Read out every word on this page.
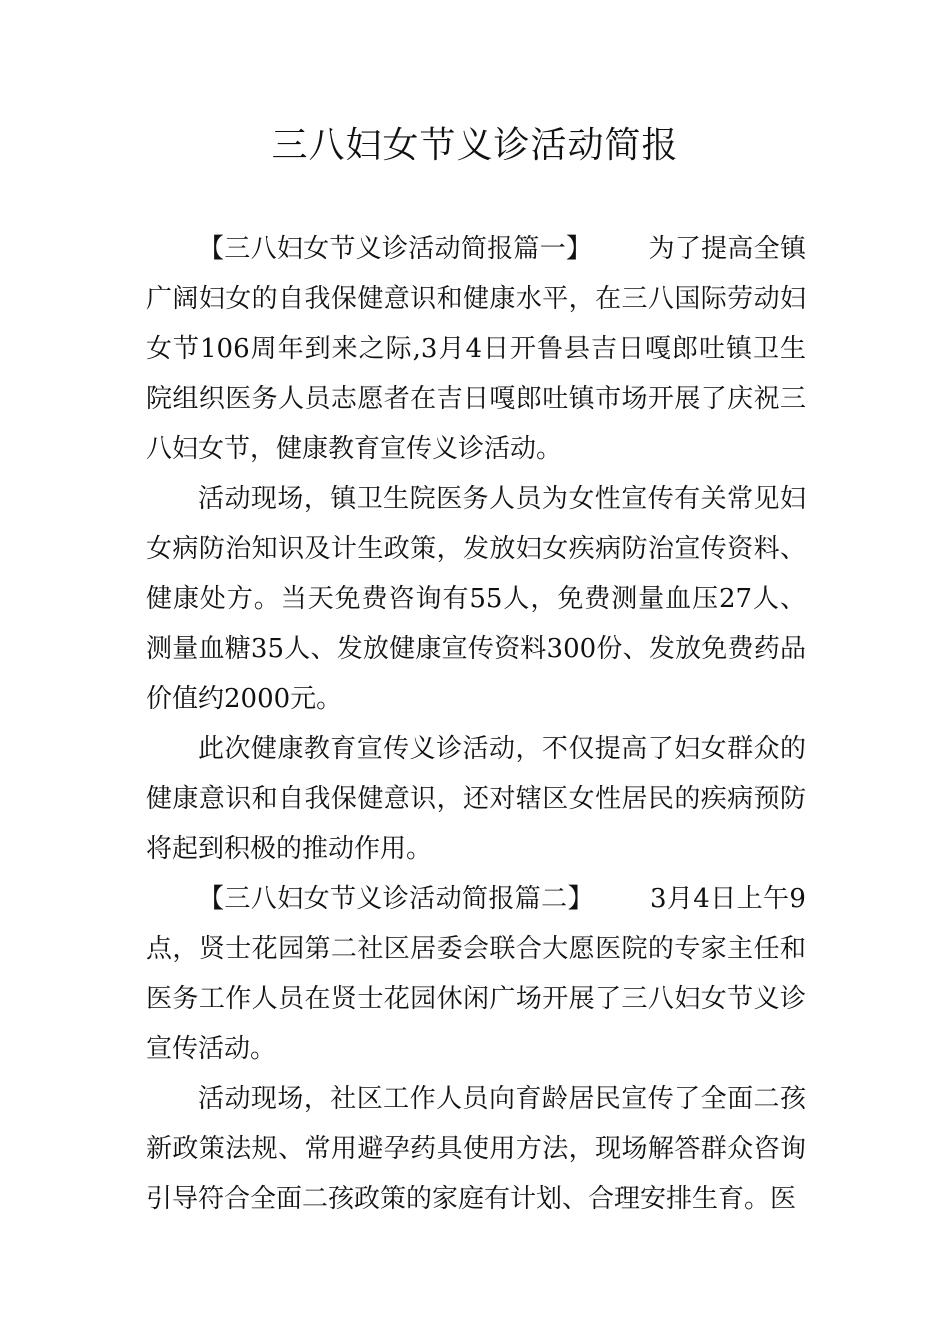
三八妇女节义诊活动简报

【三八妇女节义诊活动简报篇一】 为了提高全镇广阔妇女的自我保健意识和健康水平，在三八国际劳动妇女节106周年到来之际,3月4日开鲁县吉日嘎郎吐镇卫生院组织医务人员志愿者在吉日嘎郎吐镇市场开展了庆祝三八妇女节，健康教育宣传义诊活动。

活动现场，镇卫生院医务人员为女性宣传有关常见妇女病防治知识及计生政策，发放妇女疾病防治宣传资料、健康处方。当天免费咨询有55人，免费测量血压27人、测量血糖35人、发放健康宣传资料300份、发放免费药品价值约2000元。

此次健康教育宣传义诊活动，不仅提高了妇女群众的健康意识和自我保健意识，还对辖区女性居民的疾病预防将起到积极的推动作用。

【三八妇女节义诊活动简报篇二】 3月4日上午9点，贤士花园第二社区居委会联合大愿医院的专家主任和医务工作人员在贤士花园休闲广场开展了三八妇女节义诊宣传活动。

活动现场，社区工作人员向育龄居民宣传了全面二孩新政策法规、常用避孕药具使用方法，现场解答群众咨询引导符合全面二孩政策的家庭有计划、合理安排生育。医
